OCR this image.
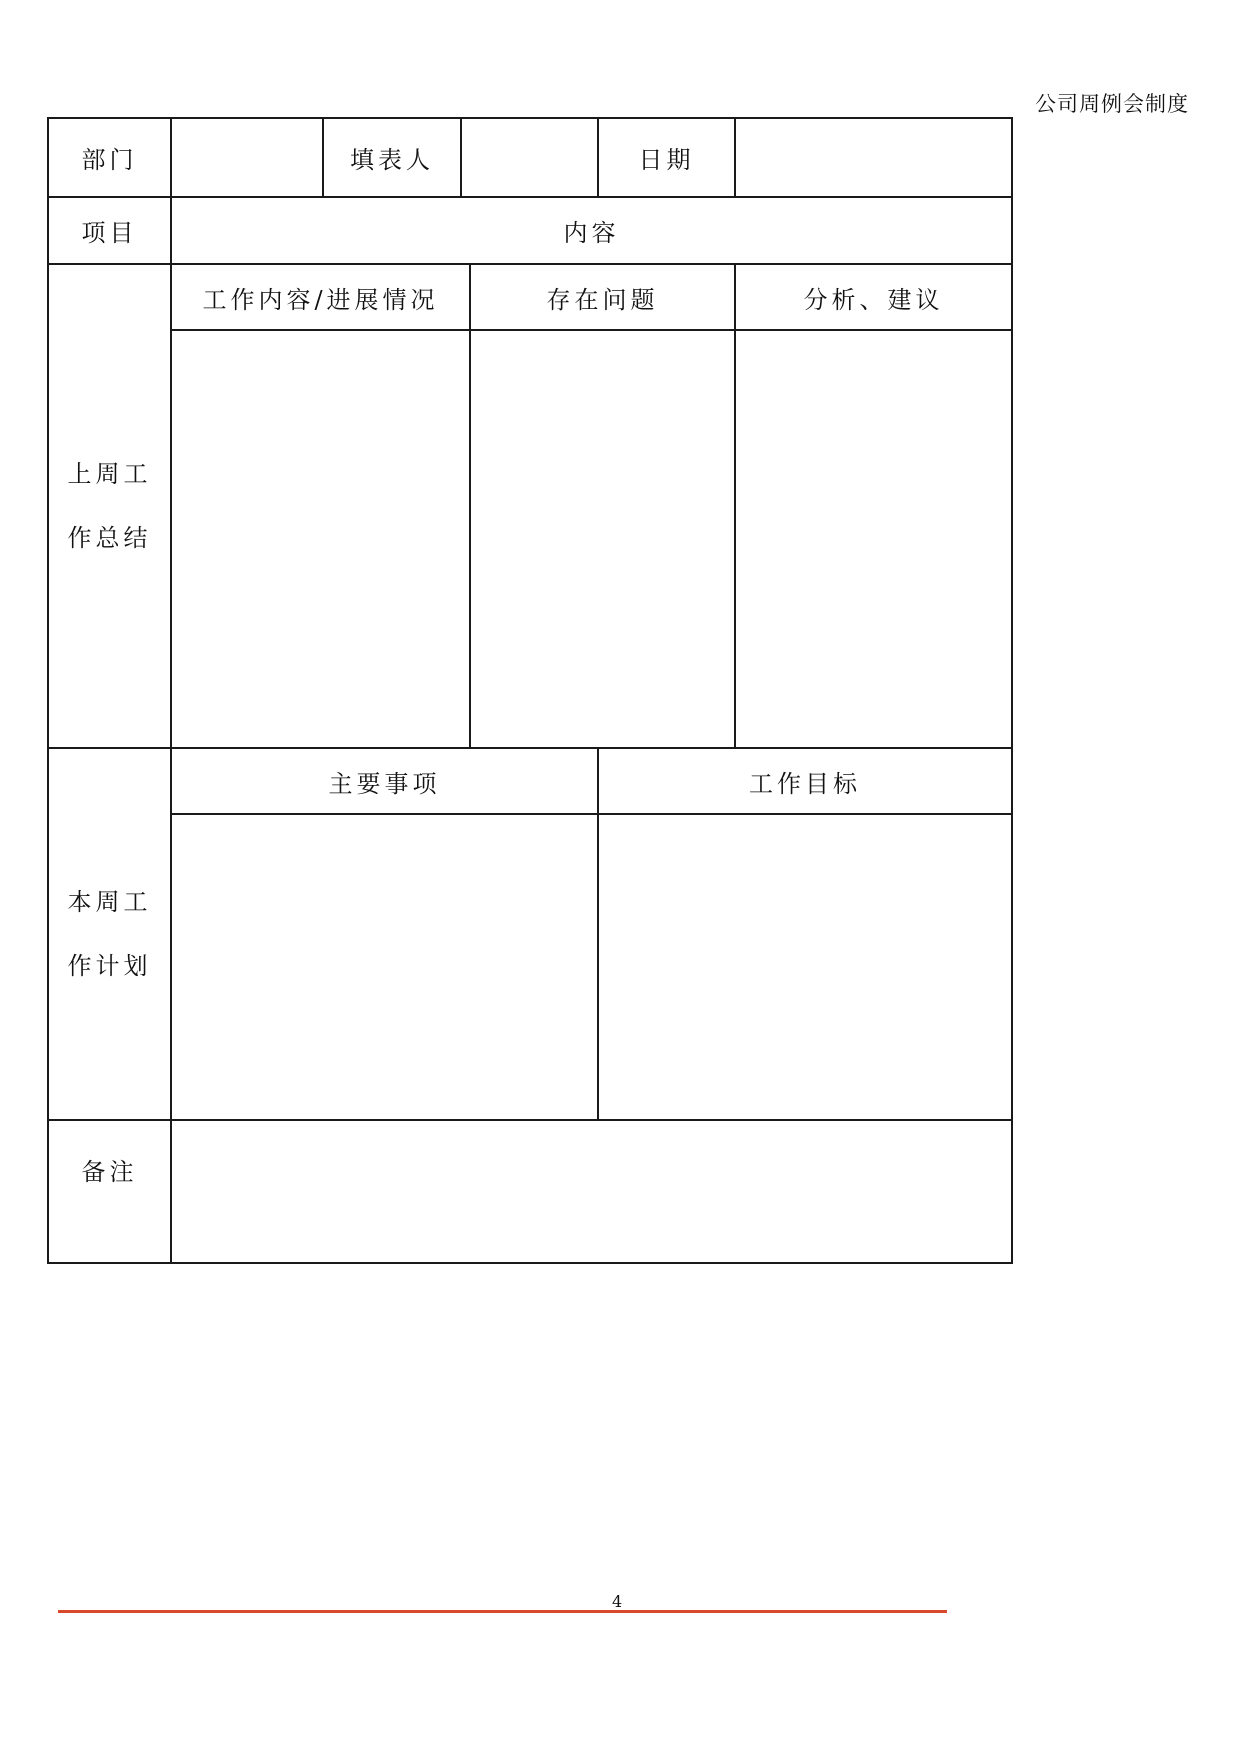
公司周例会制度
部门	填表人	日期
项目	内容
上周工
作总结
工作内容/进展情况	存在问题	分析、建议
本周工
作计划
主要事项	工作目标
备注
4
